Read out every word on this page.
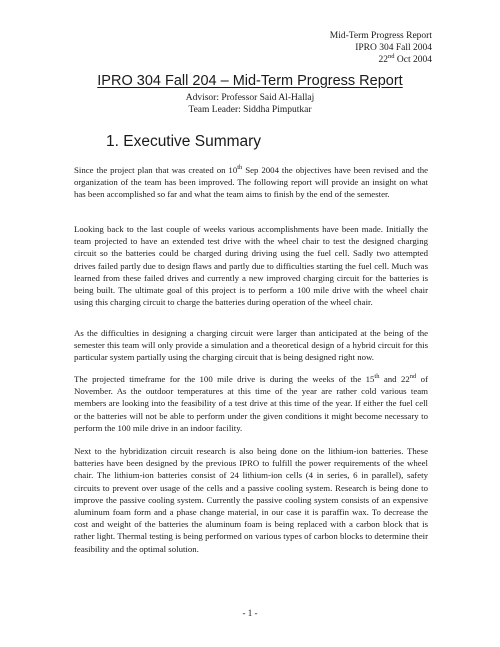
Mid-Term Progress Report
IPRO 304 Fall 2004
22nd Oct 2004
IPRO 304 Fall 204 – Mid-Term Progress Report
Advisor: Professor Said Al-Hallaj
Team Leader: Siddha Pimputkar
1. Executive Summary

Since the project plan that was created on 10th Sep 2004 the objectives have been revised and the organization of the team has been improved. The following report will provide an insight on what has been accomplished so far and what the team aims to finish by the end of the semester.

Looking back to the last couple of weeks various accomplishments have been made. Initially the team projected to have an extended test drive with the wheel chair to test the designed charging circuit so the batteries could be charged during driving using the fuel cell. Sadly two attempted drives failed partly due to design flaws and partly due to difficulties starting the fuel cell. Much was learned from these failed drives and currently a new improved charging circuit for the batteries is being built. The ultimate goal of this project is to perform a 100 mile drive with the wheel chair using this charging circuit to charge the batteries during operation of the wheel chair.

As the difficulties in designing a charging circuit were larger than anticipated at the being of the semester this team will only provide a simulation and a theoretical design of a hybrid circuit for this particular system partially using the charging circuit that is being designed right now.

The projected timeframe for the 100 mile drive is during the weeks of the 15th and 22nd of November. As the outdoor temperatures at this time of the year are rather cold various team members are looking into the feasibility of a test drive at this time of the year. If either the fuel cell or the batteries will not be able to perform under the given conditions it might become necessary to perform the 100 mile drive in an indoor facility.

Next to the hybridization circuit research is also being done on the lithium-ion batteries. These batteries have been designed by the previous IPRO to fulfill the power requirements of the wheel chair. The lithium-ion batteries consist of 24 lithium-ion cells (4 in series, 6 in parallel), safety circuits to prevent over usage of the cells and a passive cooling system. Research is being done to improve the passive cooling system. Currently the passive cooling system consists of an expensive aluminum foam form and a phase change material, in our case it is paraffin wax. To decrease the cost and weight of the batteries the aluminum foam is being replaced with a carbon block that is rather light. Thermal testing is being performed on various types of carbon blocks to determine their feasibility and the optimal solution.

- 1 -
